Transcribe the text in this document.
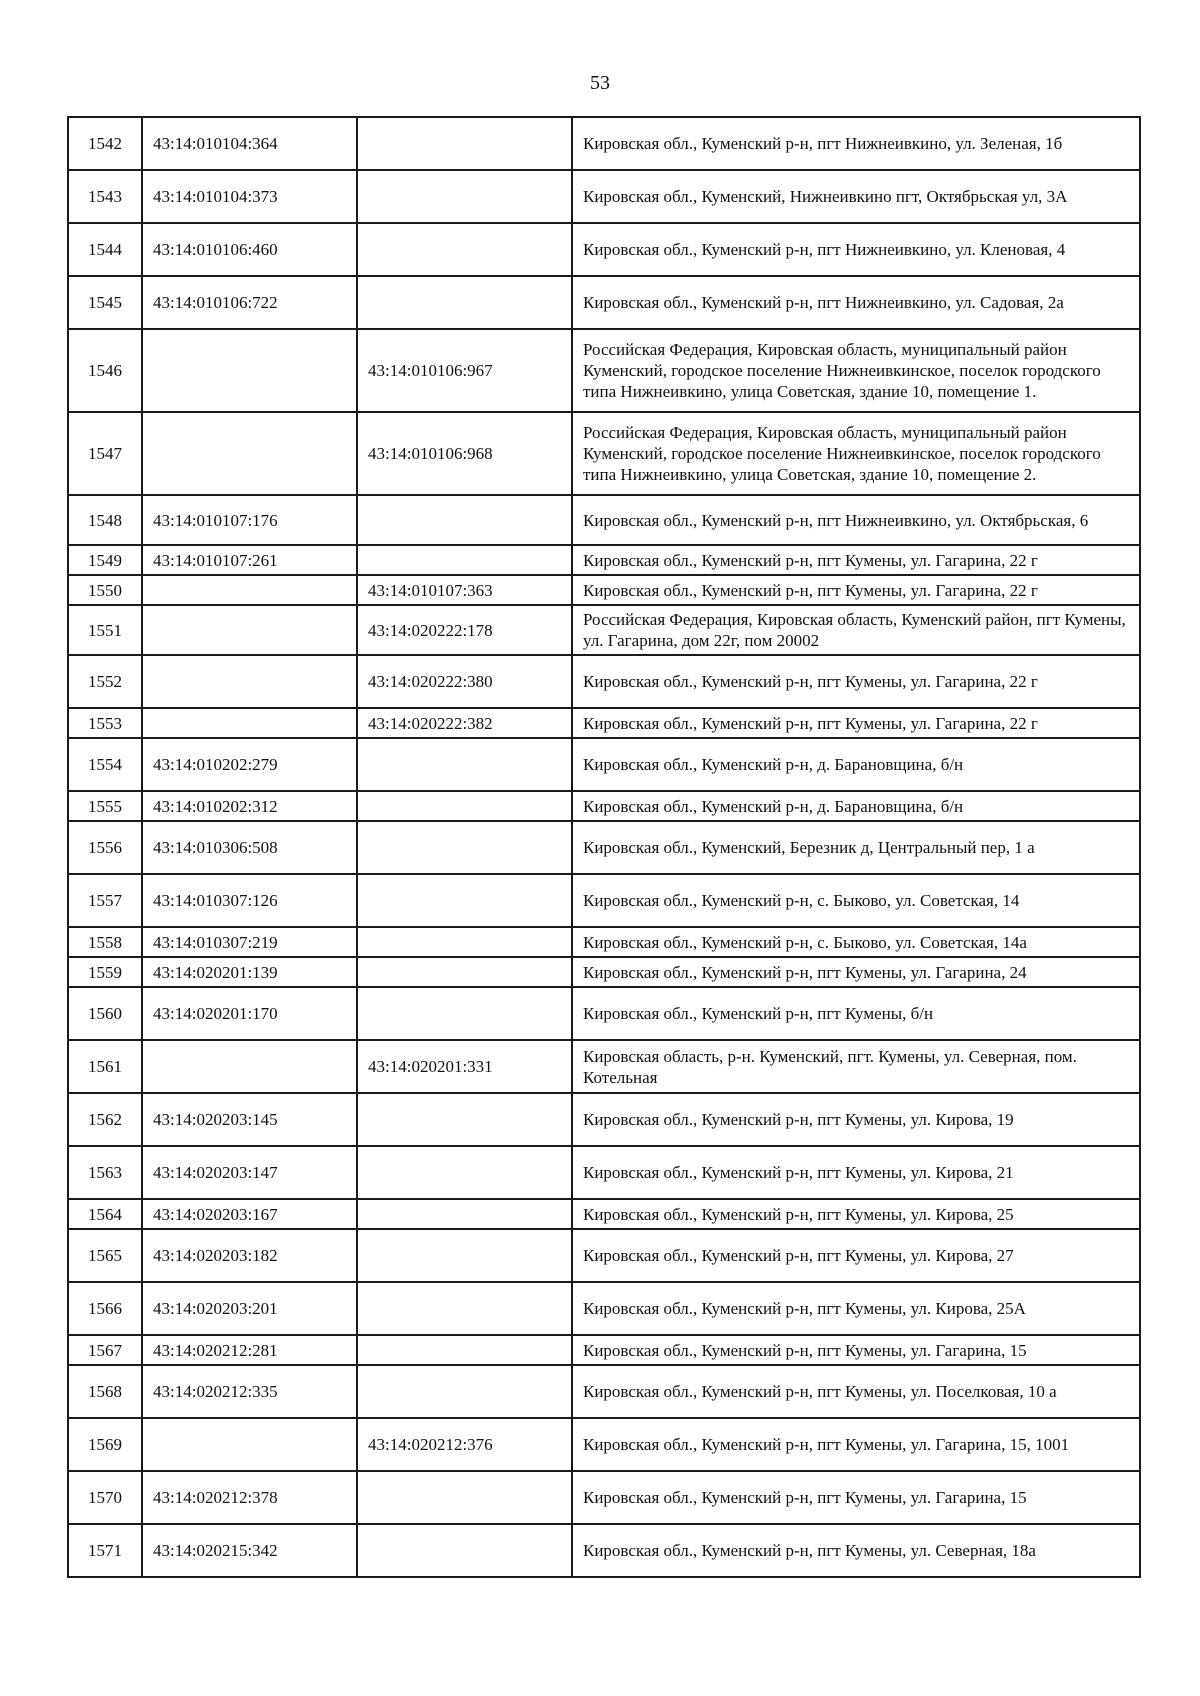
53
1542	43:14:010104:364		Кировская обл., Куменский р-н, пгт Нижнеивкино, ул. Зеленая, 1б
1543	43:14:010104:373		Кировская обл., Куменский, Нижнеивкино пгт, Октябрьская ул, 3А
1544	43:14:010106:460		Кировская обл., Куменский р-н, пгт Нижнеивкино, ул. Кленовая, 4
1545	43:14:010106:722		Кировская обл., Куменский р-н, пгт Нижнеивкино, ул. Садовая, 2а
1546		43:14:010106:967	Российская Федерация, Кировская область, муниципальный район Куменский, городское поселение Нижнеивкинское, поселок городского типа Нижнеивкино, улица Советская, здание 10, помещение 1.
1547		43:14:010106:968	Российская Федерация, Кировская область, муниципальный район Куменский, городское поселение Нижнеивкинское, поселок городского типа Нижнеивкино, улица Советская, здание 10, помещение 2.
1548	43:14:010107:176		Кировская обл., Куменский р-н, пгт Нижнеивкино, ул. Октябрьская, 6
1549	43:14:010107:261		Кировская обл., Куменский р-н, пгт Кумены, ул. Гагарина, 22 г
1550		43:14:010107:363	Кировская обл., Куменский р-н, пгт Кумены, ул. Гагарина, 22 г
1551		43:14:020222:178	Российская Федерация, Кировская область, Куменский район, пгт Кумены, ул. Гагарина, дом 22г, пом 20002
1552		43:14:020222:380	Кировская обл., Куменский р-н, пгт Кумены, ул. Гагарина, 22 г
1553		43:14:020222:382	Кировская обл., Куменский р-н, пгт Кумены, ул. Гагарина, 22 г
1554	43:14:010202:279		Кировская обл., Куменский р-н, д. Барановщина, б/н
1555	43:14:010202:312		Кировская обл., Куменский р-н, д. Барановщина, б/н
1556	43:14:010306:508		Кировская обл., Куменский, Березник д, Центральный пер, 1 а
1557	43:14:010307:126		Кировская обл., Куменский р-н, с. Быково, ул. Советская, 14
1558	43:14:010307:219		Кировская обл., Куменский р-н, с. Быково, ул. Советская, 14а
1559	43:14:020201:139		Кировская обл., Куменский р-н, пгт Кумены, ул. Гагарина, 24
1560	43:14:020201:170		Кировская обл., Куменский р-н, пгт Кумены, б/н
1561		43:14:020201:331	Кировская область, р-н. Куменский, пгт. Кумены, ул. Северная, пом. Котельная
1562	43:14:020203:145		Кировская обл., Куменский р-н, пгт Кумены, ул. Кирова, 19
1563	43:14:020203:147		Кировская обл., Куменский р-н, пгт Кумены, ул. Кирова, 21
1564	43:14:020203:167		Кировская обл., Куменский р-н, пгт Кумены, ул. Кирова, 25
1565	43:14:020203:182		Кировская обл., Куменский р-н, пгт Кумены, ул. Кирова, 27
1566	43:14:020203:201		Кировская обл., Куменский р-н, пгт Кумены, ул. Кирова, 25А
1567	43:14:020212:281		Кировская обл., Куменский р-н, пгт Кумены, ул. Гагарина, 15
1568	43:14:020212:335		Кировская обл., Куменский р-н, пгт Кумены, ул. Поселковая, 10 а
1569		43:14:020212:376	Кировская обл., Куменский р-н, пгт Кумены, ул. Гагарина, 15, 1001
1570	43:14:020212:378		Кировская обл., Куменский р-н, пгт Кумены, ул. Гагарина, 15
1571	43:14:020215:342		Кировская обл., Куменский р-н, пгт Кумены, ул. Северная, 18а
